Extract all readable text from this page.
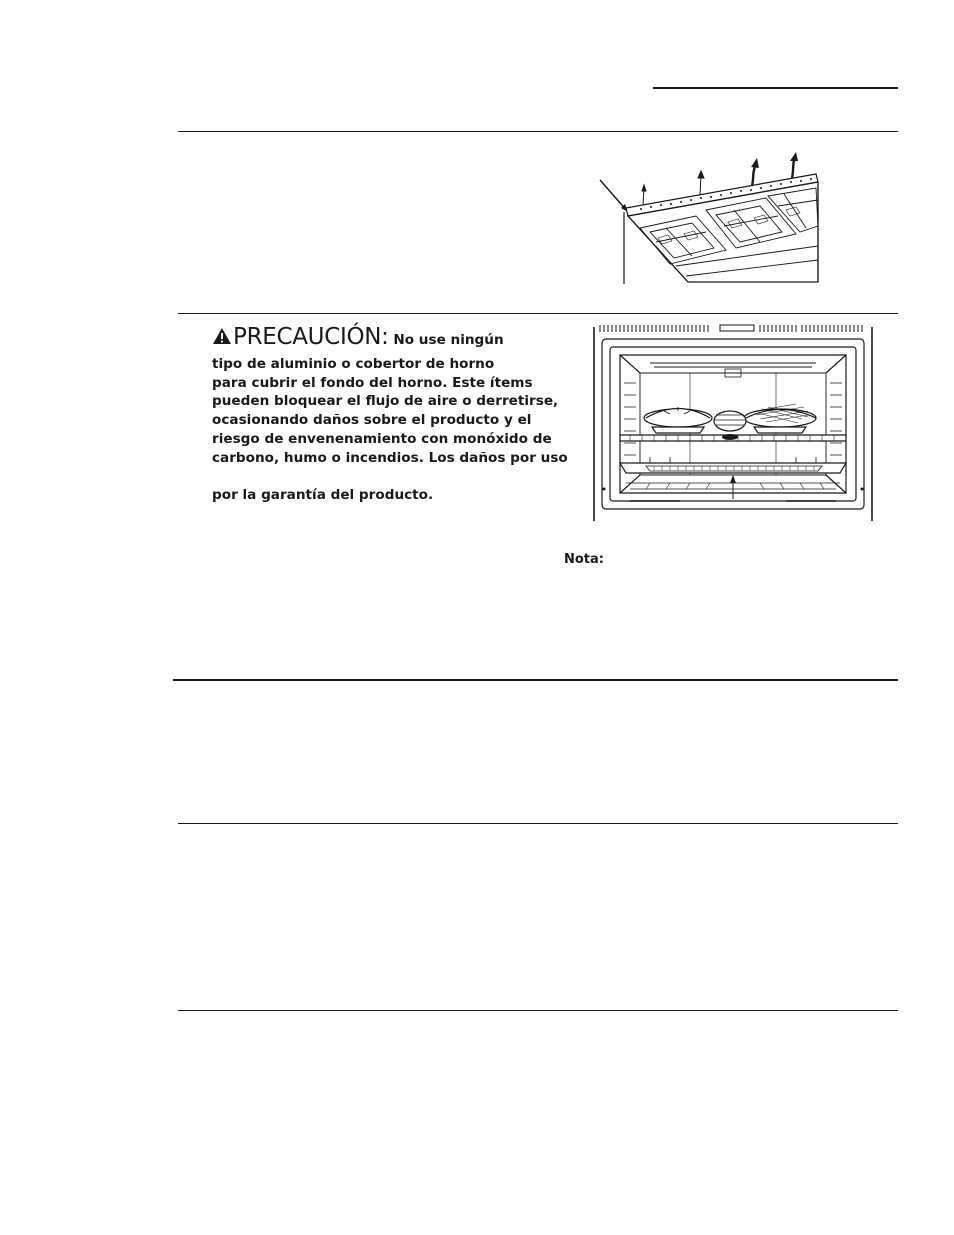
PRECAUCIÓN: No use ningún
tipo de aluminio o cobertor de horno
para cubrir el fondo del horno. Este ítems
pueden bloquear el flujo de aire o derretirse,
ocasionando daños sobre el producto y el
riesgo de envenenamiento con monóxido de
carbono, humo o incendios. Los daños por uso
por la garantía del producto.
Nota:
